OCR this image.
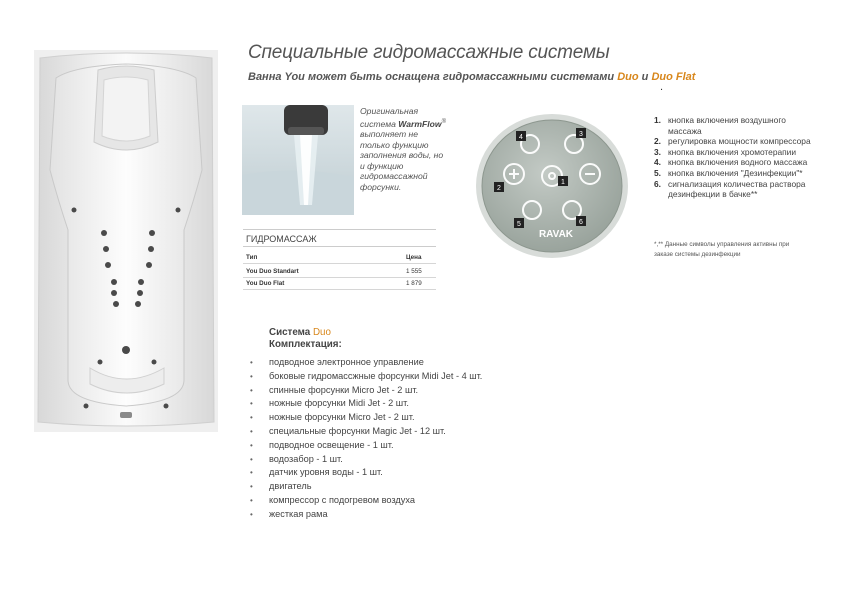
Специальные гидромассажные системы
Ванна You может быть оснащена гидромассажными системами Duo и Duo Flat
.
Оригинальная система WarmFlow® выполняет не только функцию заполнения воды, но и функцию гидромассажной форсунки.
ГИДРОМАССАЖ
Тип	Цена
You Duo Standart	1 555
You Duo Flat	1 879
4	3
2
1
5	6
RAVAK
1. кнопка включения воздушного массажа
2. регулировка мощности компрессора
3. кнопка включения хромотерапии
4. кнопка включения водного массажа
5. кнопка включения "Дезинфекции"*
6. сигнализация количества раствора дезинфекции в бачке**
*,** Данные символы управления активны при заказе системы дезинфекции
Система Duo
Комплектация:
• подводное электронное управление
• боковые гидромассжные форсунки Midi Jet - 4 шт.
• спинные форсунки Micro Jet - 2 шт.
• ножные форсунки Midi Jet - 2 шт.
• ножные форсунки Micro Jet - 2 шт.
• специальные форсунки Magic Jet - 12 шт.
• подводное освещение - 1 шт.
• водозабор - 1 шт.
• датчик уровня воды - 1 шт.
• двигатель
• компрессор с подогревом воздуха
• жесткая рама
